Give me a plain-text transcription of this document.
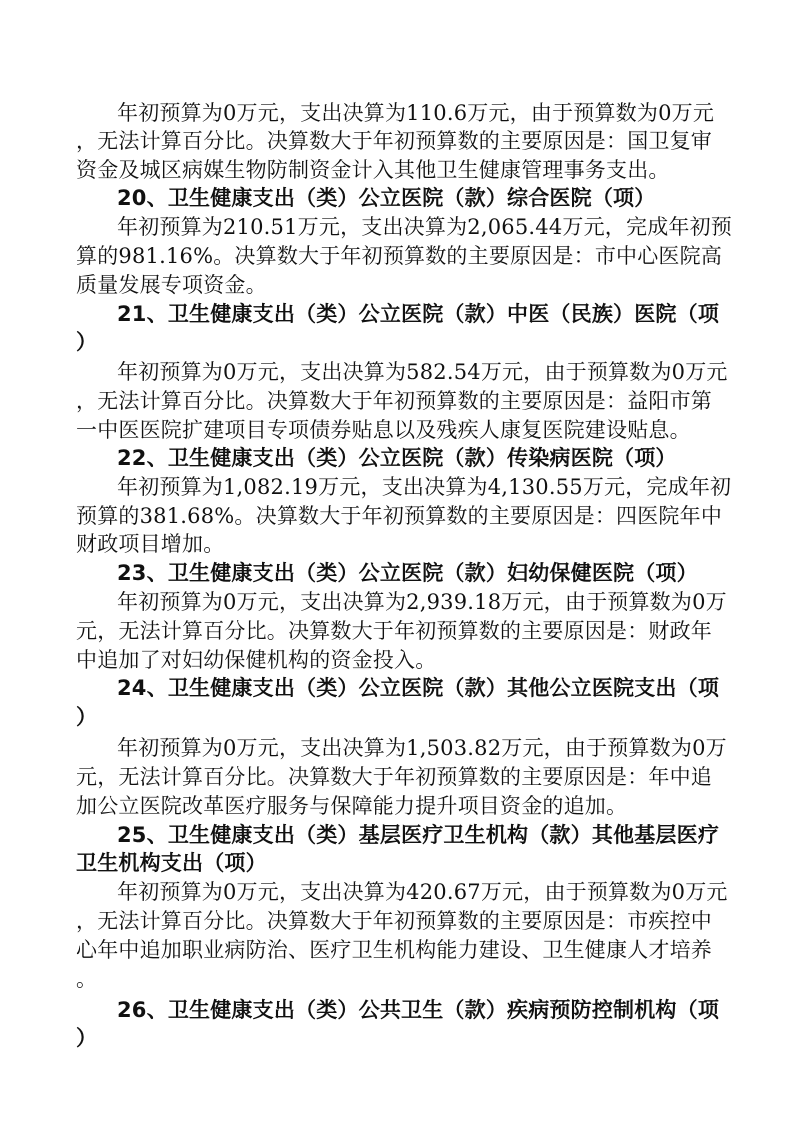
年初预算为0万元，支出决算为110.6万元，由于预算数为0万元
，无法计算百分比。决算数大于年初预算数的主要原因是：国卫复审
资金及城区病媒生物防制资金计入其他卫生健康管理事务支出。
20、卫生健康支出（类）公立医院（款）综合医院（项）
年初预算为210.51万元，支出决算为2,065.44万元，完成年初预
算的981.16%。决算数大于年初预算数的主要原因是：市中心医院高
质量发展专项资金。
21、卫生健康支出（类）公立医院（款）中医（民族）医院（项
）
年初预算为0万元，支出决算为582.54万元，由于预算数为0万元
，无法计算百分比。决算数大于年初预算数的主要原因是：益阳市第
一中医医院扩建项目专项债券贴息以及残疾人康复医院建设贴息。
22、卫生健康支出（类）公立医院（款）传染病医院（项）
年初预算为1,082.19万元，支出决算为4,130.55万元，完成年初
预算的381.68%。决算数大于年初预算数的主要原因是：四医院年中
财政项目增加。
23、卫生健康支出（类）公立医院（款）妇幼保健医院（项）
年初预算为0万元，支出决算为2,939.18万元，由于预算数为0万
元，无法计算百分比。决算数大于年初预算数的主要原因是：财政年
中追加了对妇幼保健机构的资金投入。
24、卫生健康支出（类）公立医院（款）其他公立医院支出（项
）
年初预算为0万元，支出决算为1,503.82万元，由于预算数为0万
元，无法计算百分比。决算数大于年初预算数的主要原因是：年中追
加公立医院改革医疗服务与保障能力提升项目资金的追加。
25、卫生健康支出（类）基层医疗卫生机构（款）其他基层医疗
卫生机构支出（项）
年初预算为0万元，支出决算为420.67万元，由于预算数为0万元
，无法计算百分比。决算数大于年初预算数的主要原因是：市疾控中
心年中追加职业病防治、医疗卫生机构能力建设、卫生健康人才培养
。
26、卫生健康支出（类）公共卫生（款）疾病预防控制机构（项
）
